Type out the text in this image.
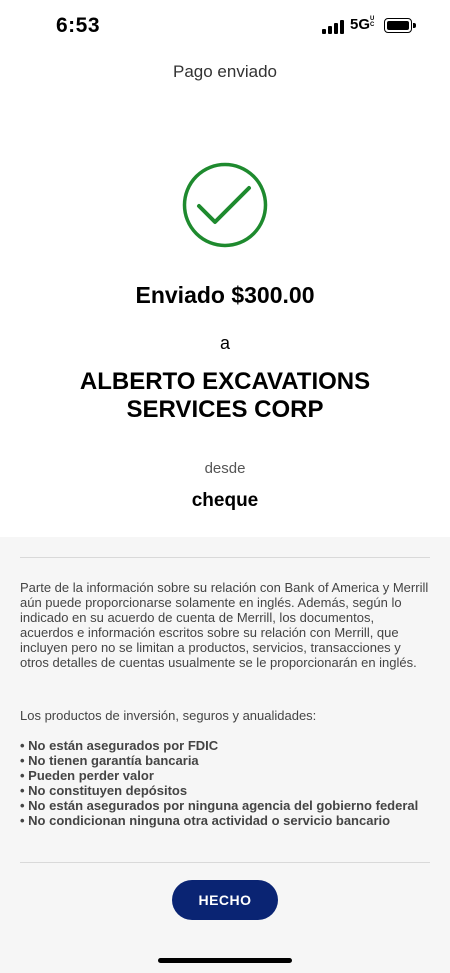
6:53	5GUC
Pago enviado
Enviado $300.00
a
ALBERTO EXCAVATIONS SERVICES CORP
desde
cheque

Parte de la información sobre su relación con Bank of America y Merrill aún puede proporcionarse solamente en inglés. Además, según lo indicado en su acuerdo de cuenta de Merrill, los documentos, acuerdos e información escritos sobre su relación con Merrill, que incluyen pero no se limitan a productos, servicios, transacciones y otros detalles de cuentas usualmente se le proporcionarán en inglés.

Los productos de inversión, seguros y anualidades:

• No están asegurados por FDIC
• No tienen garantía bancaria
• Pueden perder valor
• No constituyen depósitos
• No están asegurados por ninguna agencia del gobierno federal
• No condicionan ninguna otra actividad o servicio bancario
HECHO
